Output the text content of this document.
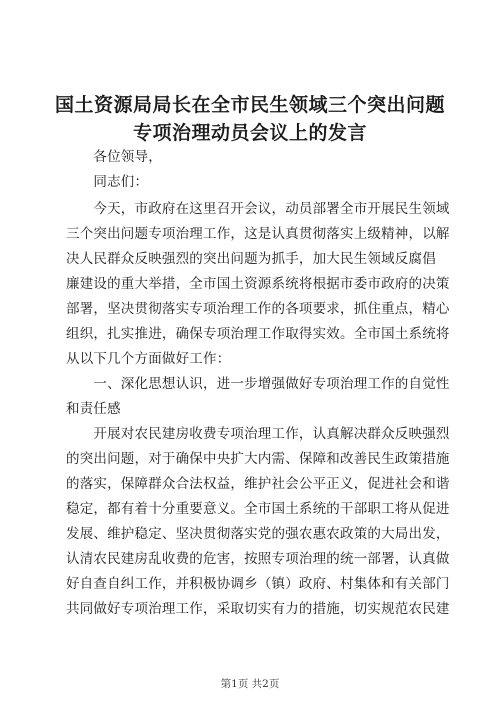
国土资源局局长在全市民生领域三个突出问题
专项治理动员会议上的发言
　　各位领导，
　　同志们：
　　今天，市政府在这里召开会议，动员部署全市开展民生领域
三个突出问题专项治理工作，这是认真贯彻落实上级精神，以解
决人民群众反映强烈的突出问题为抓手，加大民生领域反腐倡
廉建设的重大举措，全市国土资源系统将根据市委市政府的决策
部署，坚决贯彻落实专项治理工作的各项要求，抓住重点，精心
组织，扎实推进，确保专项治理工作取得实效。全市国土系统将
从以下几个方面做好工作：
　　一、深化思想认识，进一步增强做好专项治理工作的自觉性
和责任感
　　开展对农民建房收费专项治理工作，认真解决群众反映强烈
的突出问题，对于确保中央扩大内需、保障和改善民生政策措施
的落实，保障群众合法权益，维护社会公平正义，促进社会和谐
稳定，都有着十分重要意义。全市国土系统的干部职工将从促进
发展、维护稳定、坚决贯彻落实党的强农惠农政策的大局出发，
认清农民建房乱收费的危害，按照专项治理的统一部署，认真做
好自查自纠工作，并积极协调乡（镇）政府、村集体和有关部门
共同做好专项治理工作，采取切实有力的措施，切实规范农民建
第1页 共2页
